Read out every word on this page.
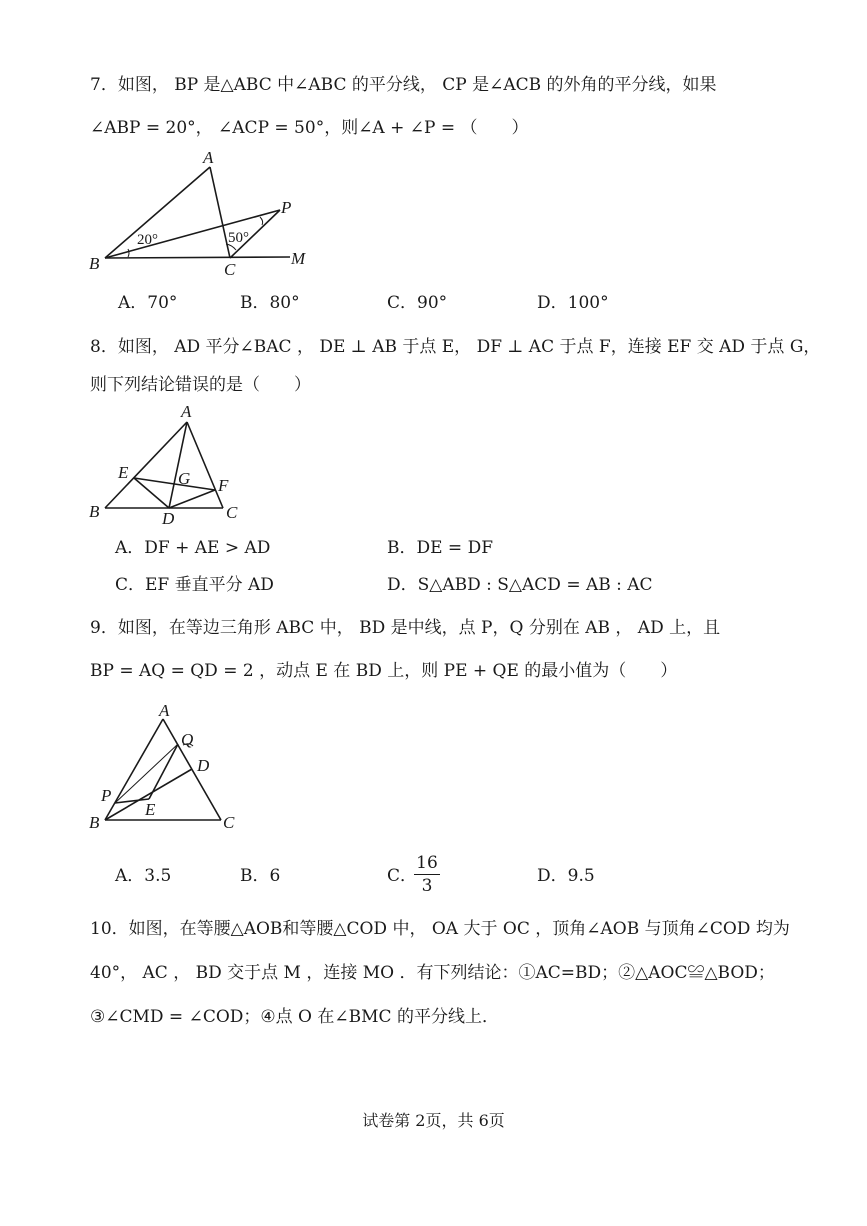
7．如图， BP 是△ABC 中∠ABC 的平分线， CP 是∠ACB 的外角的平分线，如果
∠ABP = 20°， ∠ACP = 50°，则∠A + ∠P = （　　）
A
B	C
P
M
20°	50°
A．70°	B．80°	C．90°	D．100°
8．如图， AD 平分∠BAC ， DE ⊥ AB 于点 E， DF ⊥ AC 于点 F，连接 EF 交 AD 于点 G，
则下列结论错误的是（　　）
A
B	C
D
E
F
G
A．DF + AE > AD	B．DE = DF
C．EF 垂直平分 AD	D．S△ABD : S△ACD = AB : AC
9．如图，在等边三角形 ABC 中， BD 是中线，点 P，Q 分别在 AB ， AD 上，且
BP = AQ = QD = 2 ，动点 E 在 BD 上，则 PE + QE 的最小值为（　　）
A
B	C
D
E
P
Q
A．3.5	B．6	C．
16
3	D．9.5
10．如图，在等腰△AOB和等腰△COD 中， OA 大于 OC ，顶角∠AOB 与顶角∠COD 均为
40°， AC ， BD 交于点 M ，连接 MO ．有下列结论：①AC=BD；②△AOC≌△BOD；
③∠CMD = ∠COD；④点 O 在∠BMC 的平分线上．
试卷第 2页，共 6页
